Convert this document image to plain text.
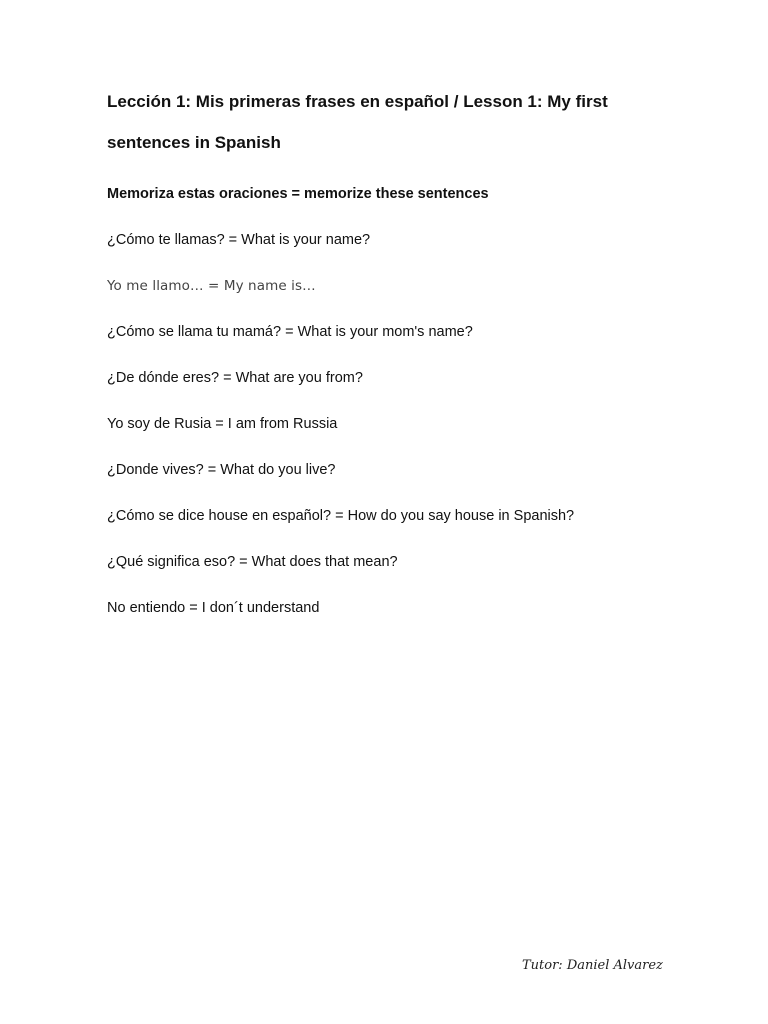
Lección 1: Mis primeras frases en español / Lesson 1: My first
sentences in Spanish

Memoriza estas oraciones = memorize these sentences

¿Cómo te llamas? = What is your name?

Yo me llamo… = My name is…

¿Cómo se llama tu mamá? = What is your mom's name?

¿De dónde eres? = What are you from?

Yo soy de Rusia = I am from Russia

¿Donde vives? = What do you live?

¿Cómo se dice house en español? = How do you say house in Spanish?

¿Qué significa eso? = What does that mean?

No entiendo = I don´t understand

Tutor: Daniel Alvarez
